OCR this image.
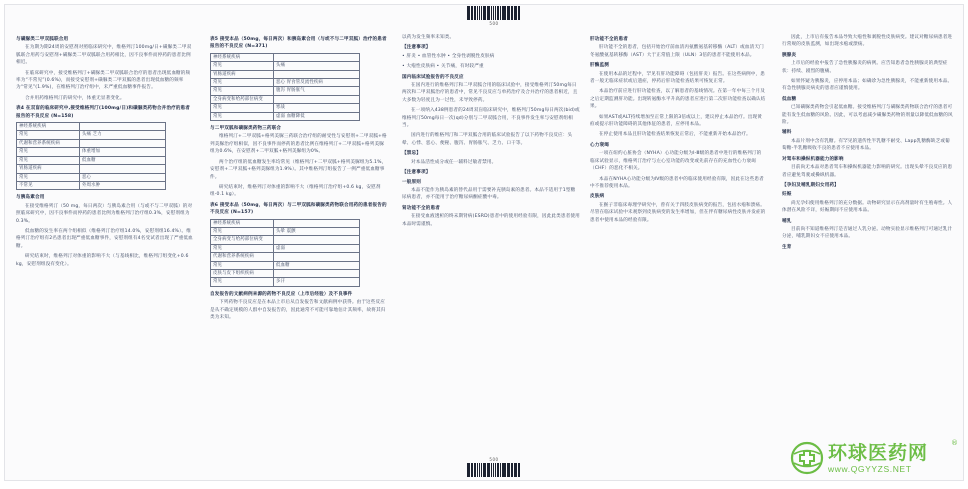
500
与磺脲类二甲双胍联合用
在为期为期24周的安慰剂对照临床研究中，维格列汀100mg/日+磺脲类二甲双胍联合用药与安慰剂+磺脲类二甲双胍联合用药相比，因不良事件而停药的患者比例相近。
在临床研究中，接受维格列汀+磺脲类二甲双胍联合治疗的患者出现低血糖的频率为“不常见”(0.6%)，而接受安慰剂+磺脲类二甲双胍的患者出现低血糖的频率为“常见”(1.9%)，在维格列汀治疗组中，未严重低血糖事件报告。
合并用药维格列汀的研究中，体重无显著变化。
表4 在双盲的临床研究中,接受维格列汀(100mg/日)和磺脲类药物合并治疗的患者报告的不良反应 (N=158)
神经系统疾病	
常见	头痛 乏力
代谢和营养系统疾病	
常见	体重增加
常见	低血糖
胃肠道疾病	
常见	恶心
不常见	外周水肿
与胰岛素合用
在接受维格列汀（50 mg，每日两次）与胰岛素合用（与或不与二甲双胍）的对照临床研究中，因不良事件而停药的患者比例为维格列汀治疗组0.3%，安慰剂组为0.3%。
低血糖的发生率在两个组相似（维格列汀治疗组14.0%，安慰剂组16.4%）。维格列汀治疗组有2名患者出现严重低血糖事件，安慰剂组有4名受试者出现了严重低血糖。
研究结束时，维格列汀对体重的影响不大（与基线相比，维格列汀组变化+0.6 kg，安慰剂组没有变化）。
表5 接受本品（50mg，每日两次）和胰岛素合用（与或不与二甲双胍）治疗的患者报告的不良反应 (N=371)
神经系统疾病	
常见	头痛
胃肠道疾病	
常见	恶心 胃食管反流性疾病
常见	腹泻 胃肠胀气
全身病变和给药部位病变	
常见	寒战
常见	虚弱 血糖降低
与二甲双胍和磺脲类药物三药联合
维格列汀+二甲双胍+格列美脲三药联合治疗组的耐受性与安慰剂+二甲双胍+格列美脲治疗组相似，因不良事件而停药的患者比例在维格列汀+二甲双胍+格列美脲组为0.6%，在安慰剂+二甲双胍+格列美脲组为0%。
两个治疗组的低血糖发生率均常见（维格列汀+二甲双胍+格列美脲组为5.1%，安慰剂+二甲双胍+格列美脲组为1.9%）。其中维格列汀组报告了一例严重低血糖事件。
研究结束时，维格列汀对体重的影响不大（维格列汀治疗组+0.6 kg，安慰剂组-0.1 kg）。
表6 接受本品（50mg，每日两次）与二甲双胍和磺脲类药物联合用药的患者报告的不良反应 (N=157)
神经系统疾病	
常见	头晕 震颤
全身病变与给药部位病变	
常见	虚弱
代谢和营养系统疾病	
常见	低血糖
皮肤与皮下组织疾病	
常见	多汗
自发报告的文献病例来源的药物不良反应（上市后经验）及不良事件
下列药物不良反应是在本品上市后从自发报告和文献病例中获得。由于这些反应是从不确定规模的人群中自发报告的，因此通常不可能可靠地估计其频率，故将其归类为未知。
以药为发生频率未知类。
【注意事项】
• 肝炎 • 血管性水肿 • 全身性剥脱性皮肤病
• 大疱性皮肤病 • 关节痛，有时较严重
国内临床试验报告的不良反应
在国内进行的维格列汀和二甲双胍合用的临床试验中，接受维格列汀50mg每日两次和二甲双胍治疗的患者中，常见不良反应与单药治疗及合并治疗的患者相近，且大多数为轻度且为一过性，未导致停药。
在一项纳入438例患者的24周双盲临床研究中，维格列汀50mg每日两次(bid)或维格列汀50mg每日一次(qd)分别与二甲双胍合用，不良事件发生率与安慰剂组相当。
国内进行的维格列汀和二甲双胍合用的临床试验报告了以下药物不良反应：头晕、心悸、恶心、便秘、腹泻、胃肠胀气、乏力、口干等。
【禁忌】
对本品活性成分或任一辅料过敏者禁用。
【注意事项】
一般原则
本品不能作为胰岛素的替代品用于需要补充胰岛素的患者。本品不适用于1型糖尿病患者，亦不能用于治疗糖尿病酮症酸中毒。
肾功能不全的患者
在接受血液透析的终末期肾病(ESRD)患者中的使用经验有限，因此此类患者使用本品时需谨慎。
肝功能不全的患者
肝功能不全的患者，包括开始治疗前血清丙氨酸氨基转移酶（ALT）或血清天门冬氨酸氨基转移酶（AST）大于正常值上限（ULN）3倍的患者不能使用本品。
肝酶监测
在使用本品的过程中，罕见有肝功能障碍（包括肝炎）报告。在这些病例中，患者一般无临床症状或后遗症，停药后肝功能检查结果可恢复正常。
本品治疗前应进行肝功能检查，以了解患者的基线情况。在第一年中每三个月及之后定期监测肝功能。出现转氨酶水平升高的患者应进行第二次肝功能检查以确认结果。
如果AST或ALT持续增加至正常上限的3倍或以上，建议停止本品治疗。出现黄疸或提示肝功能障碍的其他体征的患者，应停用本品。
在停止使用本品且肝功能检查结果恢复正常后，不能重新开始本品治疗。
心力衰竭
一项在纽约心脏协会（NYHA）心功能分级为Ⅰ-Ⅲ级的患者中进行的维格列汀的临床试验显示，维格列汀治疗与左心室功能的改变或先前存在的充血性心力衰竭（CHF）的恶化不相关。
本品在NYHA心功能分级为Ⅳ级的患者中的临床使用经验有限，因此在这些患者中不推荐使用本品。
皮肤病
在猴子非临床毒理学研究中，曾有关于四肢皮肤病变的报告，包括水疱和溃疡。尽管在临床试验中未观察到皮肤病变的发生率增加，但在伴有糖尿病性皮肤并发症的患者中使用本品的经验有限。
因此，上市后有报告本品导致大疱性和剥脱性皮肤病变。建议对糖尿病患者进行常规的皮肤监测，如出现水疱或溃疡。
胰腺炎
上市后的经验中报告了急性胰腺炎的病例。应告知患者急性胰腺炎的典型症状：持续、剧烈的腹痛。
如果怀疑为胰腺炎，应停用本品；如确诊为急性胰腺炎，不能重新使用本品。有急性胰腺炎病史的患者应谨慎使用。
低血糖
已知磺脲类药物会引起低血糖。接受维格列汀与磺脲类药物联合治疗的患者可能有发生低血糖的风险。因此，可以考虑减少磺脲类药物的剂量以降低低血糖的风险。
辅料
本品片剂中含有乳糖。有罕见的遗传性半乳糖不耐受、Lapp乳糖酶缺乏或葡萄糖-半乳糖吸收不良的患者不应使用本品。
对驾车和操纵机器能力的影响
目前尚无本品对患者驾车和操纵机器能力影响的研究。出现头晕不良反应的患者应避免驾驶或操纵机器。
【孕妇及哺乳期妇女用药】
妊娠
尚无孕妇使用维格列汀的充分数据。动物研究显示在高剂量时有生殖毒性。人体潜在风险不详，妊娠期间不应使用本品。
哺乳
目前尚不知道维格列汀是否通过人乳分泌。动物实验显示维格列汀可通过乳汁分泌，哺乳期妇女不应使用本品。
生育
500	环球医药网
www.QGYYZS.NET
®
